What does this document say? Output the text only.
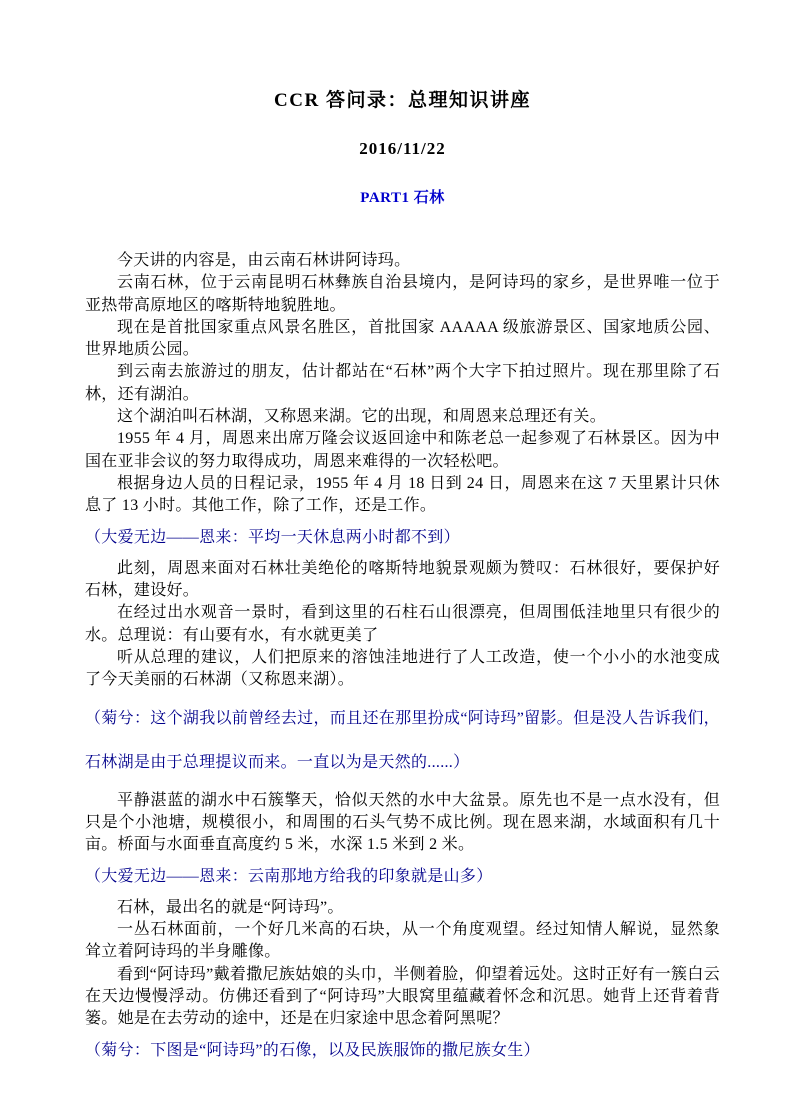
CCR 答问录：总理知识讲座

2016/11/22

PART1 石林

今天讲的内容是，由云南石林讲阿诗玛。

云南石林，位于云南昆明石林彝族自治县境内，是阿诗玛的家乡，是世界唯一位于亚热带高原地区的喀斯特地貌胜地。

现在是首批国家重点风景名胜区，首批国家 AAAAA 级旅游景区、国家地质公园、世界地质公园。

到云南去旅游过的朋友，估计都站在“石林”两个大字下拍过照片。现在那里除了石林，还有湖泊。

这个湖泊叫石林湖，又称恩来湖。它的出现，和周恩来总理还有关。

1955 年 4 月，周恩来出席万隆会议返回途中和陈老总一起参观了石林景区。因为中国在亚非会议的努力取得成功，周恩来难得的一次轻松吧。

根据身边人员的日程记录，1955 年 4 月 18 日到 24 日，周恩来在这 7 天里累计只休息了 13 小时。其他工作，除了工作，还是工作。

（大爱无边——恩来：平均一天休息两小时都不到）

此刻，周恩来面对石林壮美绝伦的喀斯特地貌景观颇为赞叹：石林很好，要保护好石林，建设好。

在经过出水观音一景时，看到这里的石柱石山很漂亮，但周围低洼地里只有很少的水。总理说：有山要有水，有水就更美了

听从总理的建议，人们把原来的溶蚀洼地进行了人工改造，使一个小小的水池变成了今天美丽的石林湖（又称恩来湖）。

（菊兮：这个湖我以前曾经去过，而且还在那里扮成“阿诗玛”留影。但是没人告诉我们，石林湖是由于总理提议而来。一直以为是天然的......）

平静湛蓝的湖水中石簇擎天，恰似天然的水中大盆景。原先也不是一点水没有，但只是个小池塘，规模很小，和周围的石头气势不成比例。现在恩来湖，水域面积有几十亩。桥面与水面垂直高度约 5 米，水深 1.5 米到 2 米。

（大爱无边——恩来：云南那地方给我的印象就是山多）

石林，最出名的就是“阿诗玛”。

一丛石林面前，一个好几米高的石块，从一个角度观望。经过知情人解说，显然象耸立着阿诗玛的半身雕像。

看到“阿诗玛”戴着撒尼族姑娘的头巾，半侧着脸，仰望着远处。这时正好有一簇白云在天边慢慢浮动。仿佛还看到了“阿诗玛”大眼窝里蕴藏着怀念和沉思。她背上还背着背篓。她是在去劳动的途中，还是在归家途中思念着阿黑呢？

（菊兮：下图是“阿诗玛”的石像，以及民族服饰的撒尼族女生）
